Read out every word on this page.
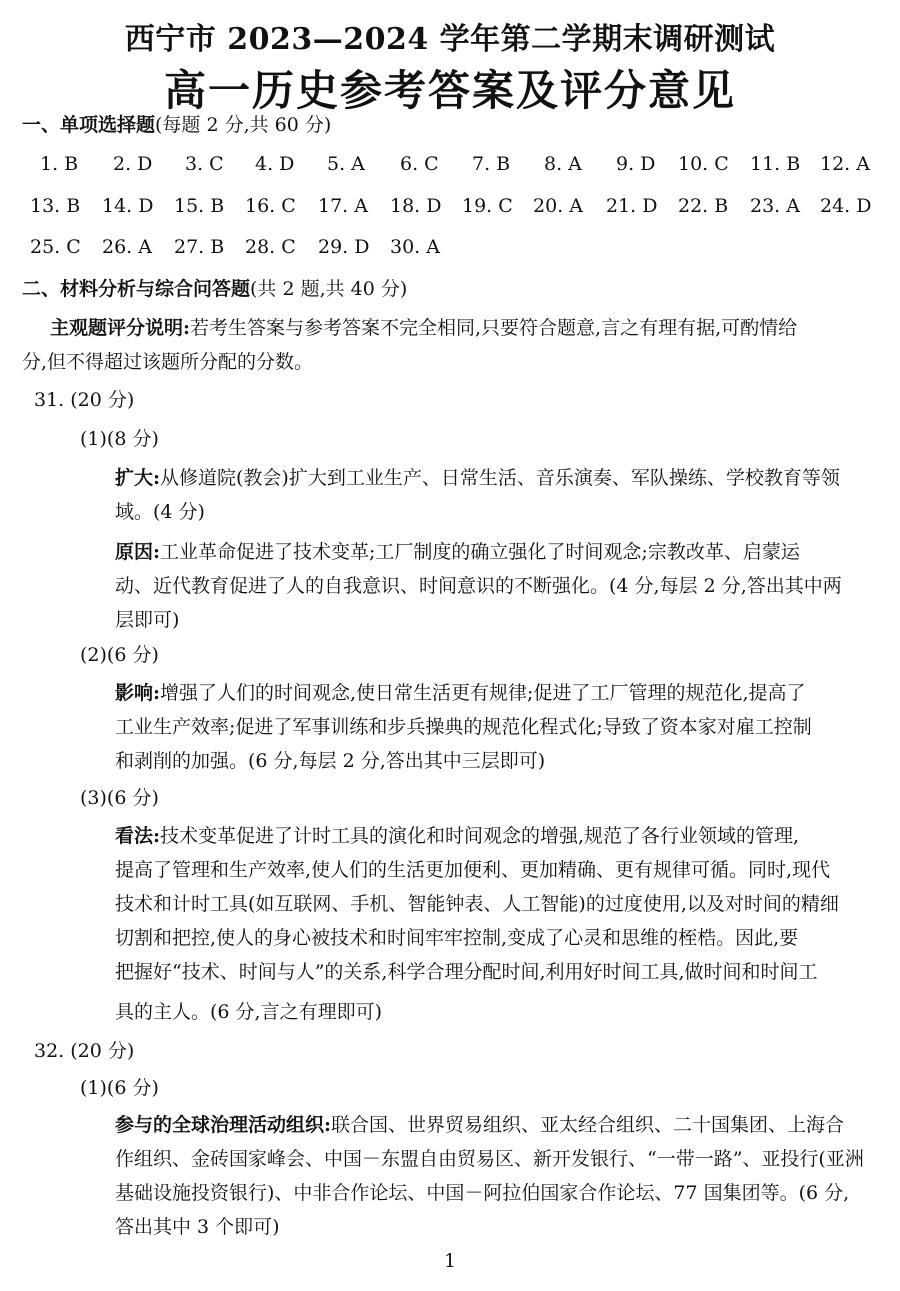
西宁市 2023—2024 学年第二学期末调研测试
高一历史参考答案及评分意见
一、单项选择题(每题 2 分,共 60 分)
1. B 2. D 3. C 4. D 5. A 6. C 7. B 8. A 9. D 10. C 11. B 12. A
13. B 14. D 15. B 16. C 17. A 18. D 19. C 20. A 21. D 22. B 23. A 24. D
25. C 26. A 27. B 28. C 29. D 30. A
二、材料分析与综合问答题(共 2 题,共 40 分)
主观题评分说明:若考生答案与参考答案不完全相同,只要符合题意,言之有理有据,可酌情给
分,但不得超过该题所分配的分数。
31. (20 分)
(1)(8 分)
扩大:从修道院(教会)扩大到工业生产、日常生活、音乐演奏、军队操练、学校教育等领
域。(4 分)
原因:工业革命促进了技术变革;工厂制度的确立强化了时间观念;宗教改革、启蒙运
动、近代教育促进了人的自我意识、时间意识的不断强化。(4 分,每层 2 分,答出其中两
层即可)
(2)(6 分)
影响:增强了人们的时间观念,使日常生活更有规律;促进了工厂管理的规范化,提高了
工业生产效率;促进了军事训练和步兵操典的规范化程式化;导致了资本家对雇工控制
和剥削的加强。(6 分,每层 2 分,答出其中三层即可)
(3)(6 分)
看法:技术变革促进了计时工具的演化和时间观念的增强,规范了各行业领域的管理,
提高了管理和生产效率,使人们的生活更加便利、更加精确、更有规律可循。同时,现代
技术和计时工具(如互联网、手机、智能钟表、人工智能)的过度使用,以及对时间的精细
切割和把控,使人的身心被技术和时间牢牢控制,变成了心灵和思维的桎梏。因此,要
把握好“技术、时间与人”的关系,科学合理分配时间,利用好时间工具,做时间和时间工
具的主人。(6 分,言之有理即可)
32. (20 分)
(1)(6 分)
参与的全球治理活动组织:联合国、世界贸易组织、亚太经合组织、二十国集团、上海合
作组织、金砖国家峰会、中国－东盟自由贸易区、新开发银行、“一带一路”、亚投行(亚洲
基础设施投资银行)、中非合作论坛、中国－阿拉伯国家合作论坛、77 国集团等。(6 分,
答出其中 3 个即可)
1
